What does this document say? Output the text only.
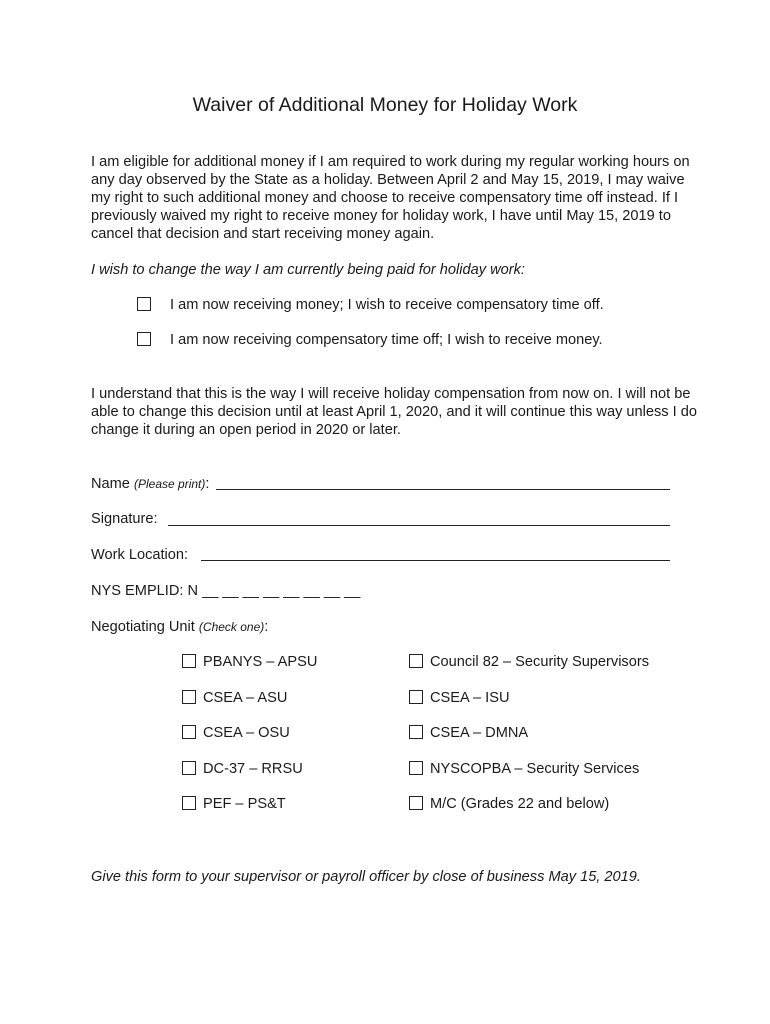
Waiver of Additional Money for Holiday Work
I am eligible for additional money if I am required to work during my regular working hours on any day observed by the State as a holiday. Between April 2 and May 15, 2019, I may waive my right to such additional money and choose to receive compensatory time off instead. If I previously waived my right to receive money for holiday work, I have until May 15, 2019 to cancel that decision and start receiving money again.
I wish to change the way I am currently being paid for holiday work:
I am now receiving money; I wish to receive compensatory time off.
I am now receiving compensatory time off; I wish to receive money.
I understand that this is the way I will receive holiday compensation from now on. I will not be able to change this decision until at least April 1, 2020, and it will continue this way unless I do change it during an open period in 2020 or later.
Name (Please print):
Signature:
Work Location:
NYS EMPLID: N __ __ __ __ __ __ __ __
Negotiating Unit (Check one):
PBANYS – APSU
CSEA – ASU
CSEA – OSU
DC-37 – RRSU
PEF – PS&T
Council 82 – Security Supervisors
CSEA – ISU
CSEA – DMNA
NYSCOPBA – Security Services
M/C (Grades 22 and below)
Give this form to your supervisor or payroll officer by close of business May 15, 2019.
